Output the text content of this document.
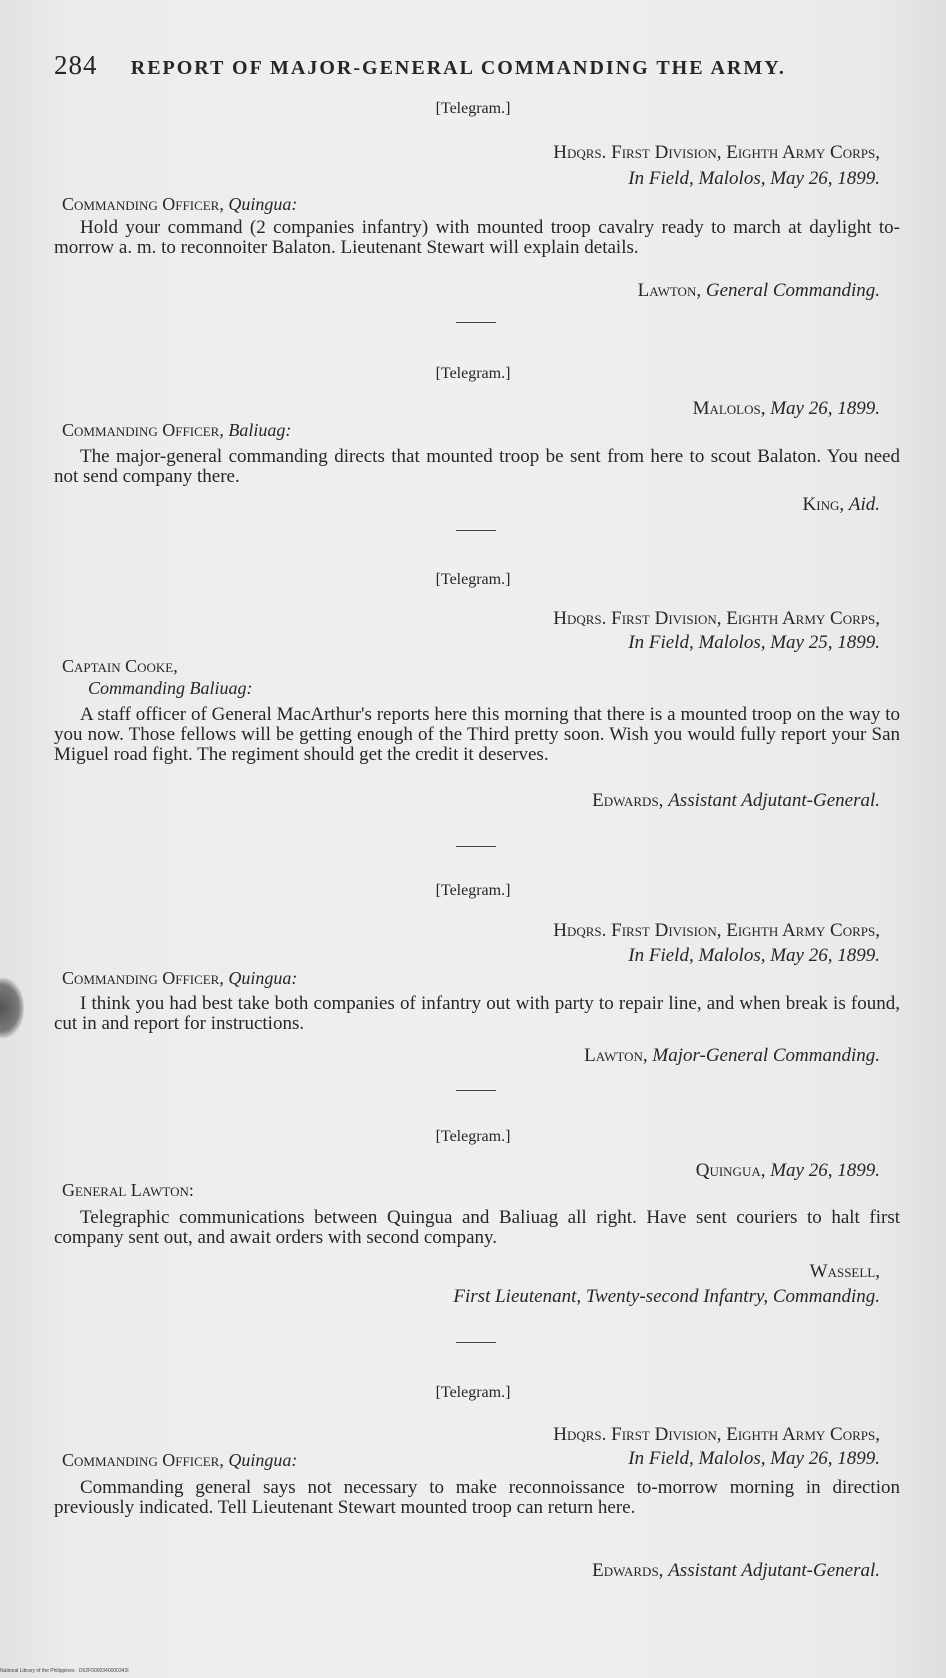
284 REPORT OF MAJOR-GENERAL COMMANDING THE ARMY.
[Telegram.]
Hdqrs. First Division, Eighth Army Corps,
In Field, Malolos, May 26, 1899.
Commanding Officer, Quingua:
Hold your command (2 companies infantry) with mounted troop cavalry ready to march at daylight to-morrow a. m. to reconnoiter Balaton. Lieutenant Stewart will explain details.
Lawton, General Commanding.
[Telegram.]
Malolos, May 26, 1899.
Commanding Officer, Baliuag:
The major-general commanding directs that mounted troop be sent from here to scout Balaton. You need not send company there.
King, Aid.
[Telegram.]
Hdqrs. First Division, Eighth Army Corps,
In Field, Malolos, May 25, 1899.
Captain Cooke,
Commanding Baliuag:
A staff officer of General MacArthur's reports here this morning that there is a mounted troop on the way to you now. Those fellows will be getting enough of the Third pretty soon. Wish you would fully report your San Miguel road fight. The regiment should get the credit it deserves.
Edwards, Assistant Adjutant-General.
[Telegram.]
Hdqrs. First Division, Eighth Army Corps,
In Field, Malolos, May 26, 1899.
Commanding Officer, Quingua:
I think you had best take both companies of infantry out with party to repair line, and when break is found, cut in and report for instructions.
Lawton, Major-General Commanding.
[Telegram.]
Quingua, May 26, 1899.
General Lawton:
Telegraphic communications between Quingua and Baliuag all right. Have sent couriers to halt first company sent out, and await orders with second company.
Wassell,
First Lieutenant, Twenty-second Infantry, Commanding.
[Telegram.]
Hdqrs. First Division, Eighth Army Corps,
In Field, Malolos, May 26, 1899.
Commanding Officer, Quingua:
Commanding general says not necessary to make reconnoissance to-morrow morning in direction previously indicated. Tell Lieutenant Stewart mounted troop can return here.
Edwards, Assistant Adjutant-General.
National Library of the Philippines · D02F0000340000343I
